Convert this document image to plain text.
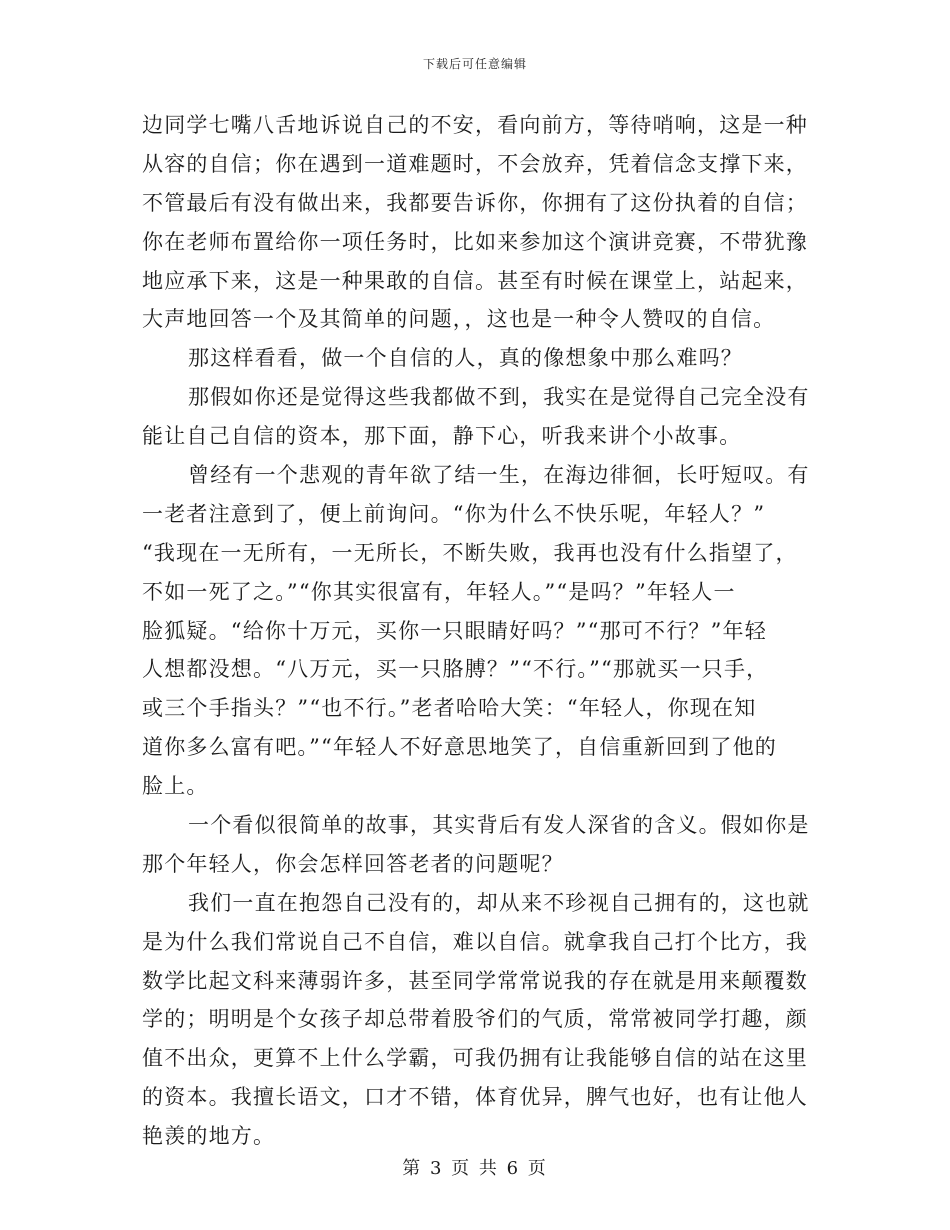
下载后可任意编辑
边同学七嘴八舌地诉说自己的不安，看向前方，等待哨响，这是一种
从容的自信；你在遇到一道难题时，不会放弃，凭着信念支撑下来，
不管最后有没有做出来，我都要告诉你，你拥有了这份执着的自信；
你在老师布置给你一项任务时，比如来参加这个演讲竞赛，不带犹豫
地应承下来，这是一种果敢的自信。甚至有时候在课堂上，站起来，
大声地回答一个及其简单的问题，，这也是一种令人赞叹的自信。
那这样看看，做一个自信的人，真的像想象中那么难吗？
那假如你还是觉得这些我都做不到，我实在是觉得自己完全没有
能让自己自信的资本，那下面，静下心，听我来讲个小故事。
曾经有一个悲观的青年欲了结一生，在海边徘徊，长吁短叹。有
一老者注意到了，便上前询问。“你为什么不快乐呢，年轻人？”
“我现在一无所有，一无所长，不断失败，我再也没有什么指望了，
不如一死了之。”“你其实很富有，年轻人。”“是吗？”年轻人一
脸狐疑。“给你十万元，买你一只眼睛好吗？”“那可不行？”年轻
人想都没想。“八万元，买一只胳膊？”“不行。”“那就买一只手，
或三个手指头？”“也不行。”老者哈哈大笑：“年轻人，你现在知
道你多么富有吧。”“年轻人不好意思地笑了，自信重新回到了他的
脸上。
一个看似很简单的故事，其实背后有发人深省的含义。假如你是
那个年轻人，你会怎样回答老者的问题呢？
我们一直在抱怨自己没有的，却从来不珍视自己拥有的，这也就
是为什么我们常说自己不自信，难以自信。就拿我自己打个比方，我
数学比起文科来薄弱许多，甚至同学常常说我的存在就是用来颠覆数
学的；明明是个女孩子却总带着股爷们的气质，常常被同学打趣，颜
值不出众，更算不上什么学霸，可我仍拥有让我能够自信的站在这里
的资本。我擅长语文，口才不错，体育优异，脾气也好，也有让他人
艳羡的地方。
第 3 页 共 6 页
